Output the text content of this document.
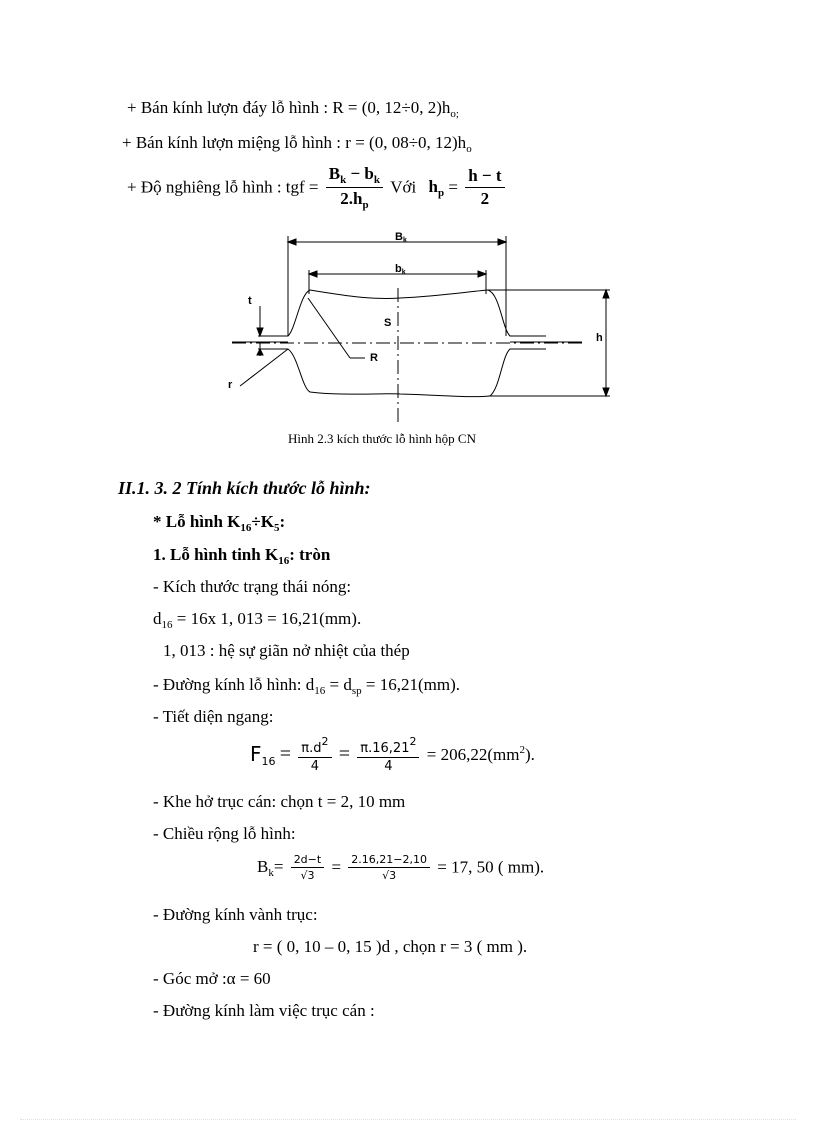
+ Bán kính lượn đáy lỗ hình : R = (0, 12÷0, $2)h_{o;}$
+ Bán kính lượn miệng lỗ hình : r = (0, 08÷0, $12)h_o$
+ Độ nghiêng lỗ hình : tgf = $\frac{B_k - b_k}{2.h_p}$ Với $h_p = \frac{h - t}{2}$
Bk
bk
t
S
R
r
h
Hình 2.3 kích thước lỗ hình hộp CN
II.1. 3. 2 Tính kích thước lỗ hình:
* Lỗ hình $K_{16}\div K_5$:
1. Lỗ hình tinh $K_{16}$: tròn
- Kích thước trạng thái nóng:
$d_{16} = 16x$ 1, 013 = 16,21(mm).
1, 013 : hệ sự giãn nở nhiệt của thép
- Đường kính lỗ hình: $d_{16} = d_{sp} = 16,21(mm)$.
- Tiết diện ngang:
$F_{16} = \frac{\pi.d^2}{4} = \frac{\pi.16,21^2}{4} = 206,22(mm^2)$.
- Khe hở trục cán: chọn t = 2, 10 mm
- Chiều rộng lỗ hình:
$B_k= \frac{2d-t}{√3} = \frac{2.16,21-2,10}{√3} = 17$, 50 ( mm).
- Đường kính vành trục:
r = ( 0, 10 – 0, 15 )d , chọn r = 3 ( mm ).
- Góc mở :α = 60
- Đường kính làm việc trục cán :
